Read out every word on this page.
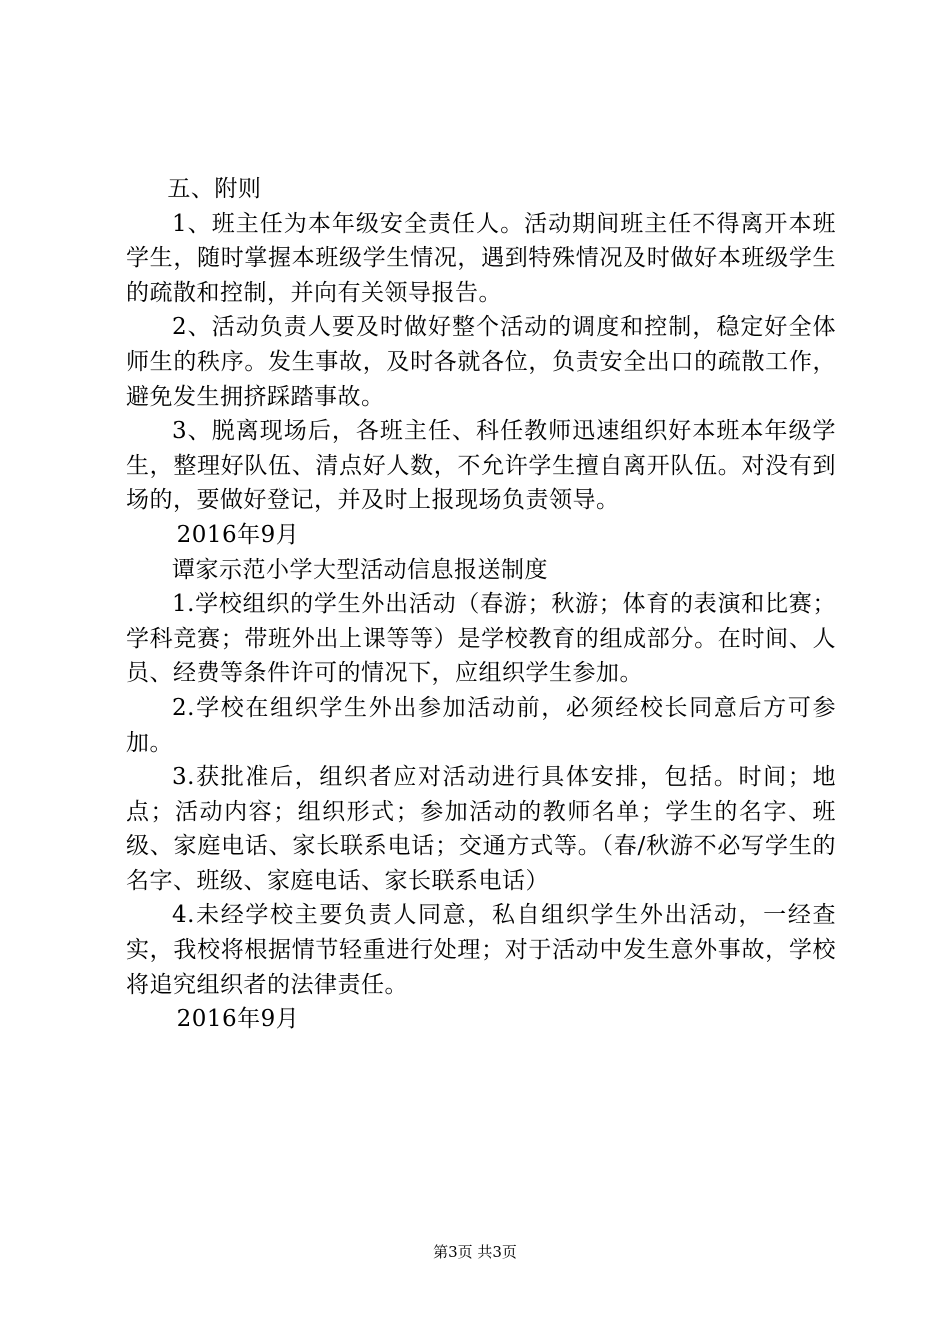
五、附则

1、班主任为本年级安全责任人。活动期间班主任不得离开本班学生，随时掌握本班级学生情况，遇到特殊情况及时做好本班级学生的疏散和控制，并向有关领导报告。

2、活动负责人要及时做好整个活动的调度和控制，稳定好全体师生的秩序。发生事故，及时各就各位，负责安全出口的疏散工作，避免发生拥挤踩踏事故。

3、脱离现场后，各班主任、科任教师迅速组织好本班本年级学生，整理好队伍、清点好人数，不允许学生擅自离开队伍。对没有到场的，要做好登记，并及时上报现场负责领导。

2016年9月

谭家示范小学大型活动信息报送制度

1.学校组织的学生外出活动（春游；秋游；体育的表演和比赛；学科竞赛；带班外出上课等等）是学校教育的组成部分。在时间、人员、经费等条件许可的情况下，应组织学生参加。

2.学校在组织学生外出参加活动前，必须经校长同意后方可参加。

3.获批准后，组织者应对活动进行具体安排，包括。时间；地点；活动内容；组织形式；参加活动的教师名单；学生的名字、班级、家庭电话、家长联系电话；交通方式等。（春/秋游不必写学生的名字、班级、家庭电话、家长联系电话）

4.未经学校主要负责人同意，私自组织学生外出活动，一经查实，我校将根据情节轻重进行处理；对于活动中发生意外事故，学校将追究组织者的法律责任。

2016年9月

第3页 共3页
